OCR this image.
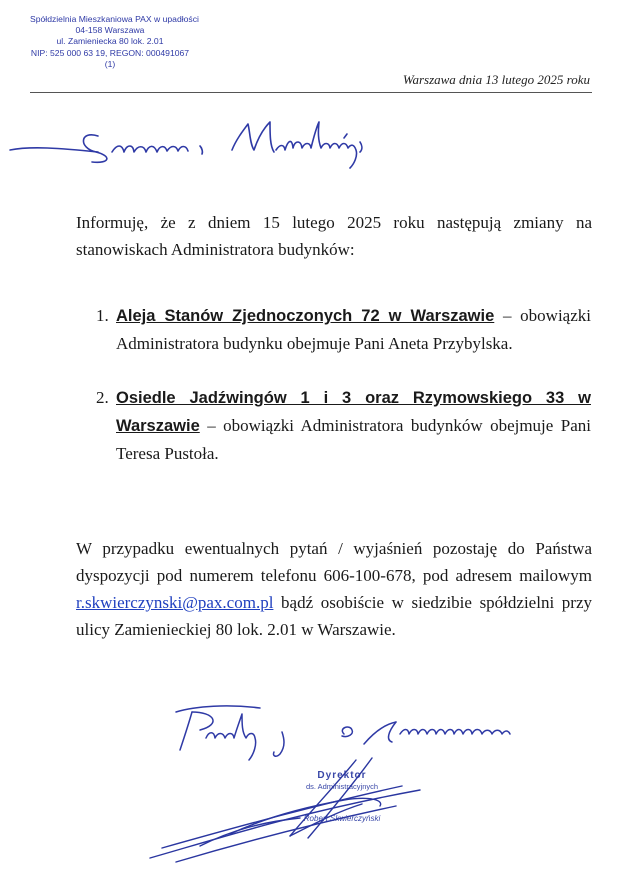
Spółdzielnia Mieszkaniowa PAX w upadłości
04-158 Warszawa
ul. Zamieniecka 80 lok. 2.01
NIP: 525 000 63 19, REGON: 000491067
(1)
Warszawa dnia 13 lutego 2025 roku
Informuję, że z dniem 15 lutego 2025 roku następują zmiany na stanowiskach Administratora budynków:
1. Aleja Stanów Zjednoczonych 72 w Warszawie – obowiązki Administratora budynku obejmuje Pani Aneta Przybylska.
2. Osiedle Jadźwingów 1 i 3 oraz Rzymowskiego 33 w Warszawie – obowiązki Administratora budynków obejmuje Pani Teresa Pustoła.
W przypadku ewentualnych pytań / wyjaśnień pozostaję do Państwa dyspozycji pod numerem telefonu 606-100-678, pod adresem mailowym r.skwierczynski@pax.com.pl bądź osobiście w siedzibie spółdzielni przy ulicy Zamienieckiej 80 lok. 2.01 w Warszawie.
Dyrektor
ds. Administracyjnych
Robert Skwierczyński
